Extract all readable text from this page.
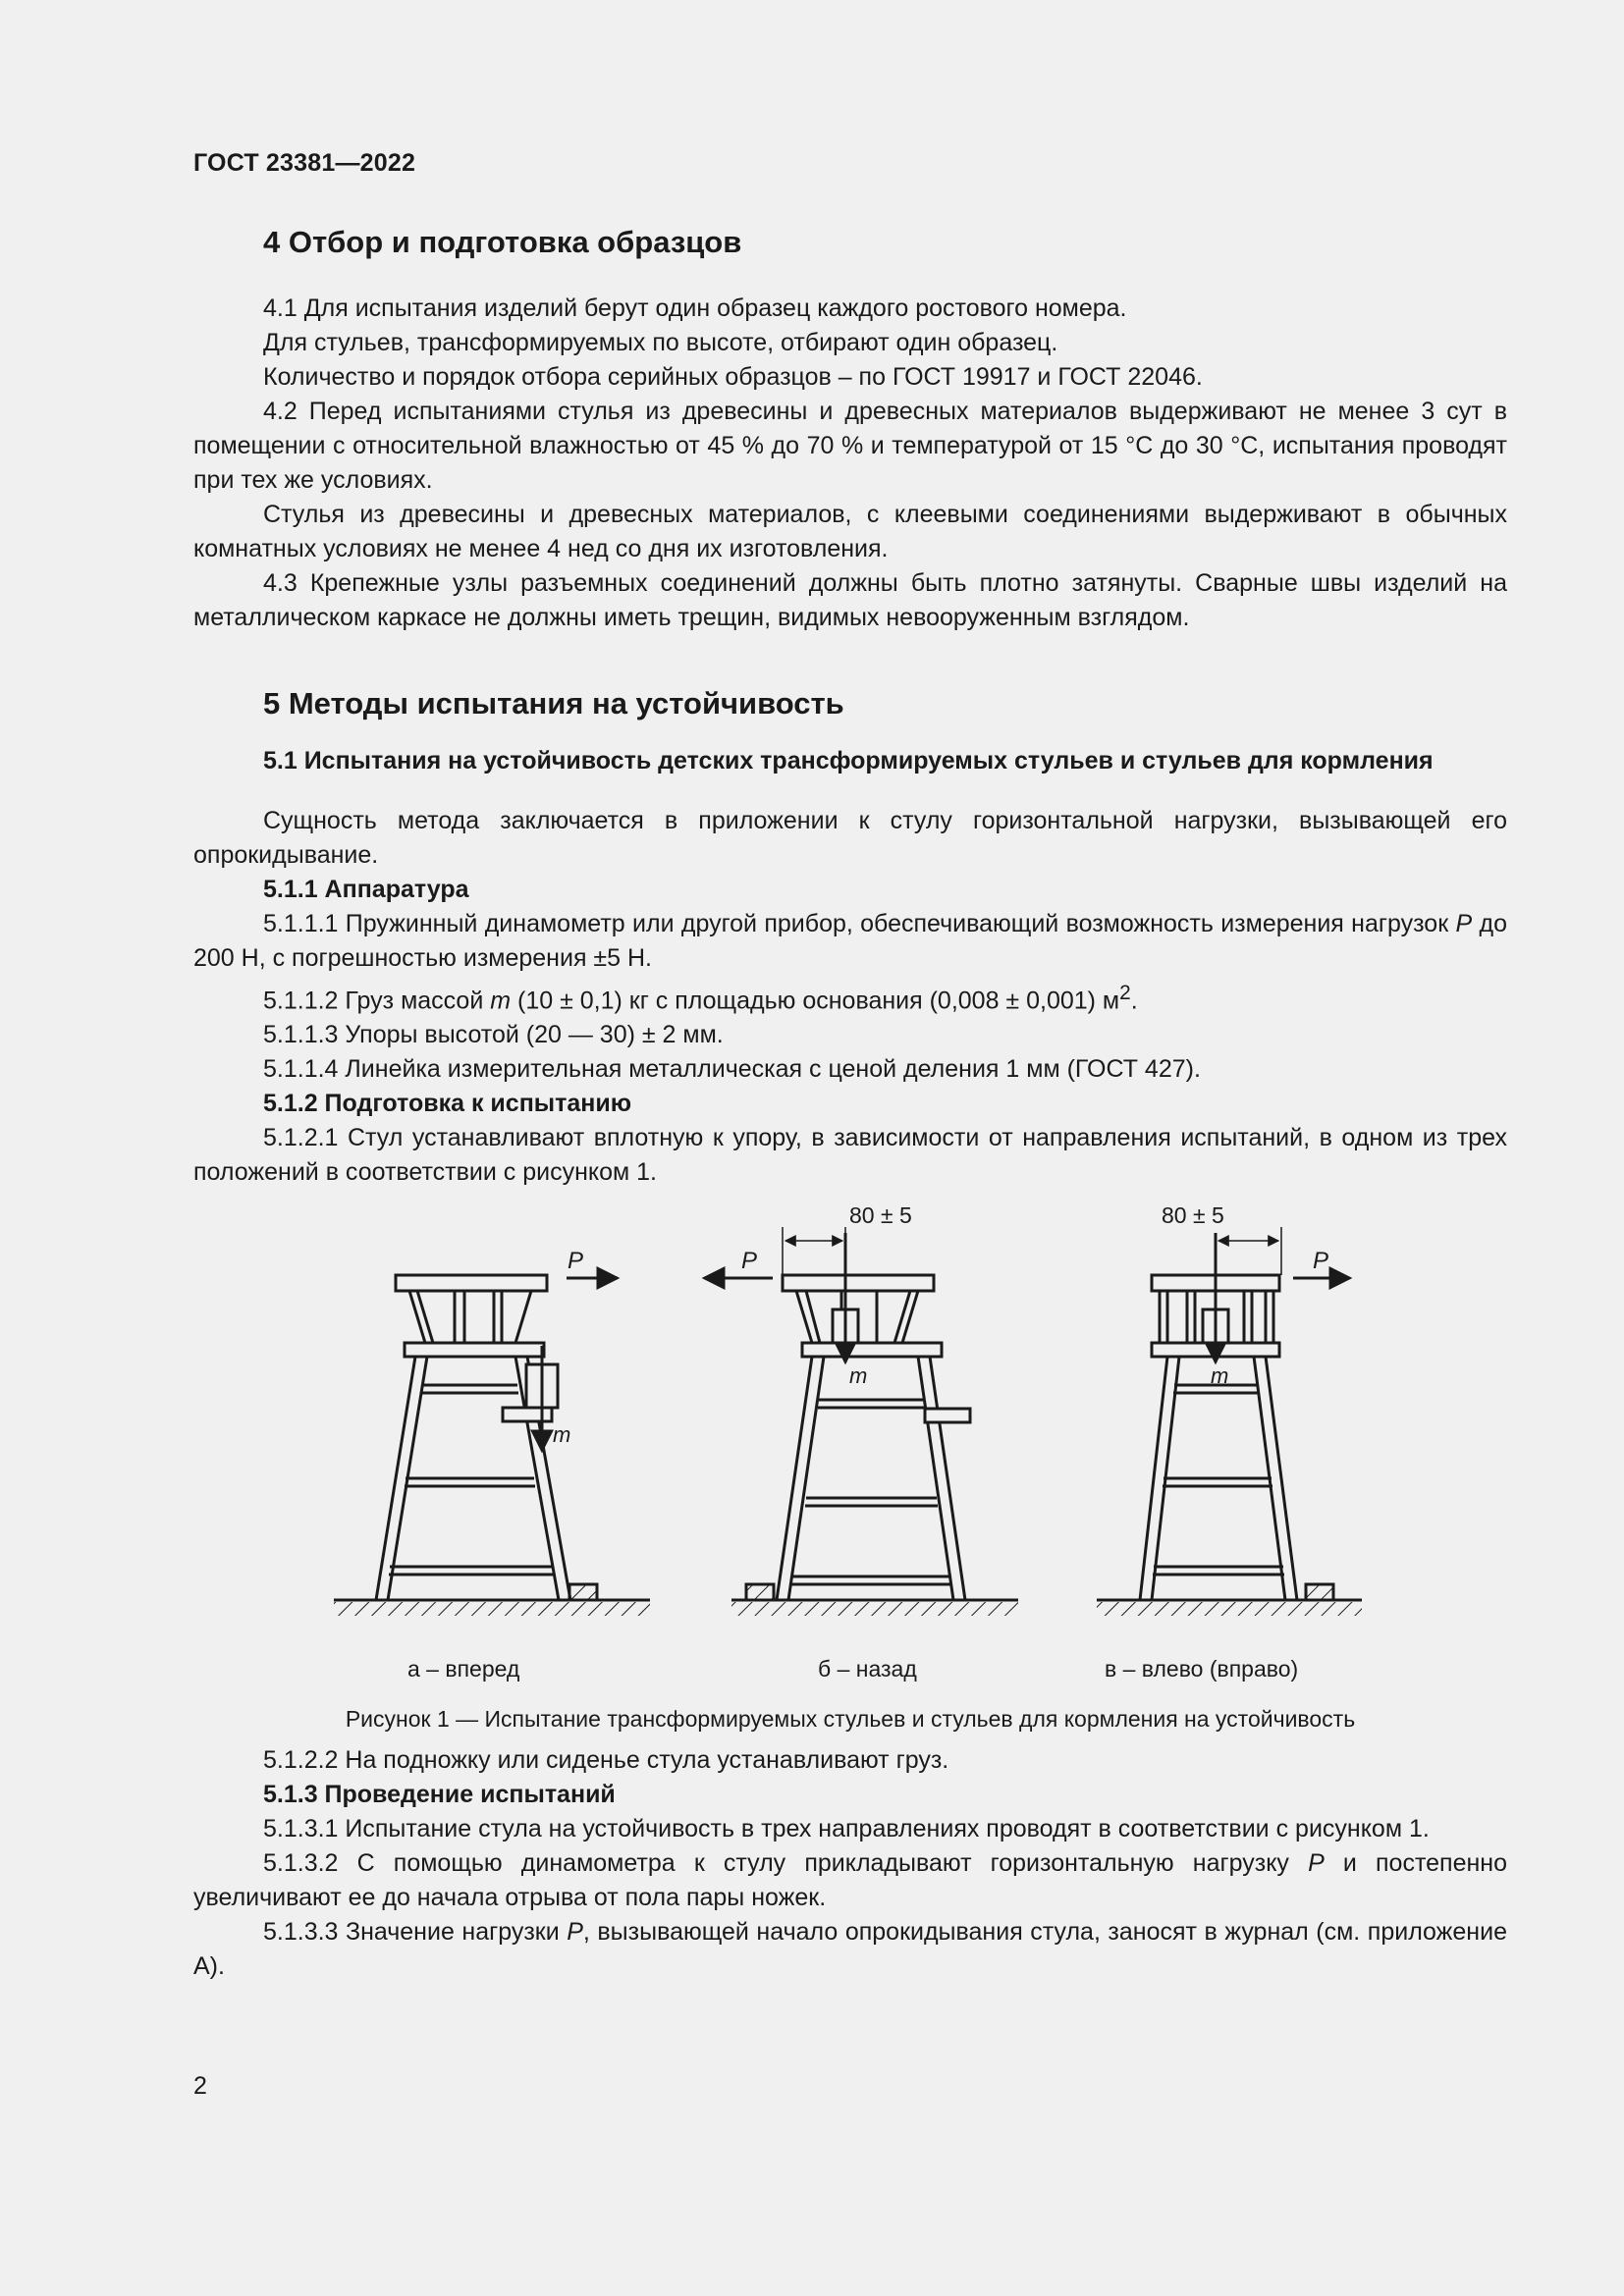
ГОСТ 23381—2022
4 Отбор и подготовка образцов

4.1 Для испытания изделий берут один образец каждого ростового номера.

Для стульев, трансформируемых по высоте, отбирают один образец.

Количество и порядок отбора серийных образцов – по ГОСТ 19917 и ГОСТ 22046.

4.2 Перед испытаниями стулья из древесины и древесных материалов выдерживают не менее 3 сут в помещении с относительной влажностью от 45 % до 70 % и температурой от 15 °С до 30 °С, испытания проводят при тех же условиях.

Стулья из древесины и древесных материалов, с клеевыми соединениями выдерживают в обычных комнатных условиях не менее 4 нед со дня их изготовления.

4.3 Крепежные узлы разъемных соединений должны быть плотно затянуты. Сварные швы изделий на металлическом каркасе не должны иметь трещин, видимых невооруженным взглядом.

5 Методы испытания на устойчивость
5.1 Испытания на устойчивость детских трансформируемых стульев и стульев для кормления

Сущность метода заключается в приложении к стулу горизонтальной нагрузки, вызывающей его опрокидывание.

5.1.1 Аппаратура

5.1.1.1 Пружинный динамометр или другой прибор, обеспечивающий возможность измерения нагрузок Р до 200 Н, с погрешностью измерения ±5 Н.

5.1.1.2 Груз массой m (10 ± 0,1) кг с площадью основания (0,008 ± 0,001) $м^2$.

5.1.1.3 Упоры высотой (20 — 30) ± 2 мм.

5.1.1.4 Линейка измерительная металлическая с ценой деления 1 мм (ГОСТ 427).

5.1.2 Подготовка к испытанию

5.1.2.1 Стул устанавливают вплотную к упору, в зависимости от направления испытаний, в одном из трех положений в соответствии с рисунком 1.

P
m
P
m
80 ± 5
P
m
80 ± 5
а – вперед	б – назад	в – влево (вправо)
Рисунок 1 — Испытание трансформируемых стульев и стульев для кормления на устойчивость

5.1.2.2 На подножку или сиденье стула устанавливают груз.

5.1.3 Проведение испытаний

5.1.3.1 Испытание стула на устойчивость в трех направлениях проводят в соответствии с рисунком 1.

5.1.3.2 С помощью динамометра к стулу прикладывают горизонтальную нагрузку Р и постепенно увеличивают ее до начала отрыва от пола пары ножек.

5.1.3.3 Значение нагрузки Р, вызывающей начало опрокидывания стула, заносят в журнал (см. приложение А).

2
